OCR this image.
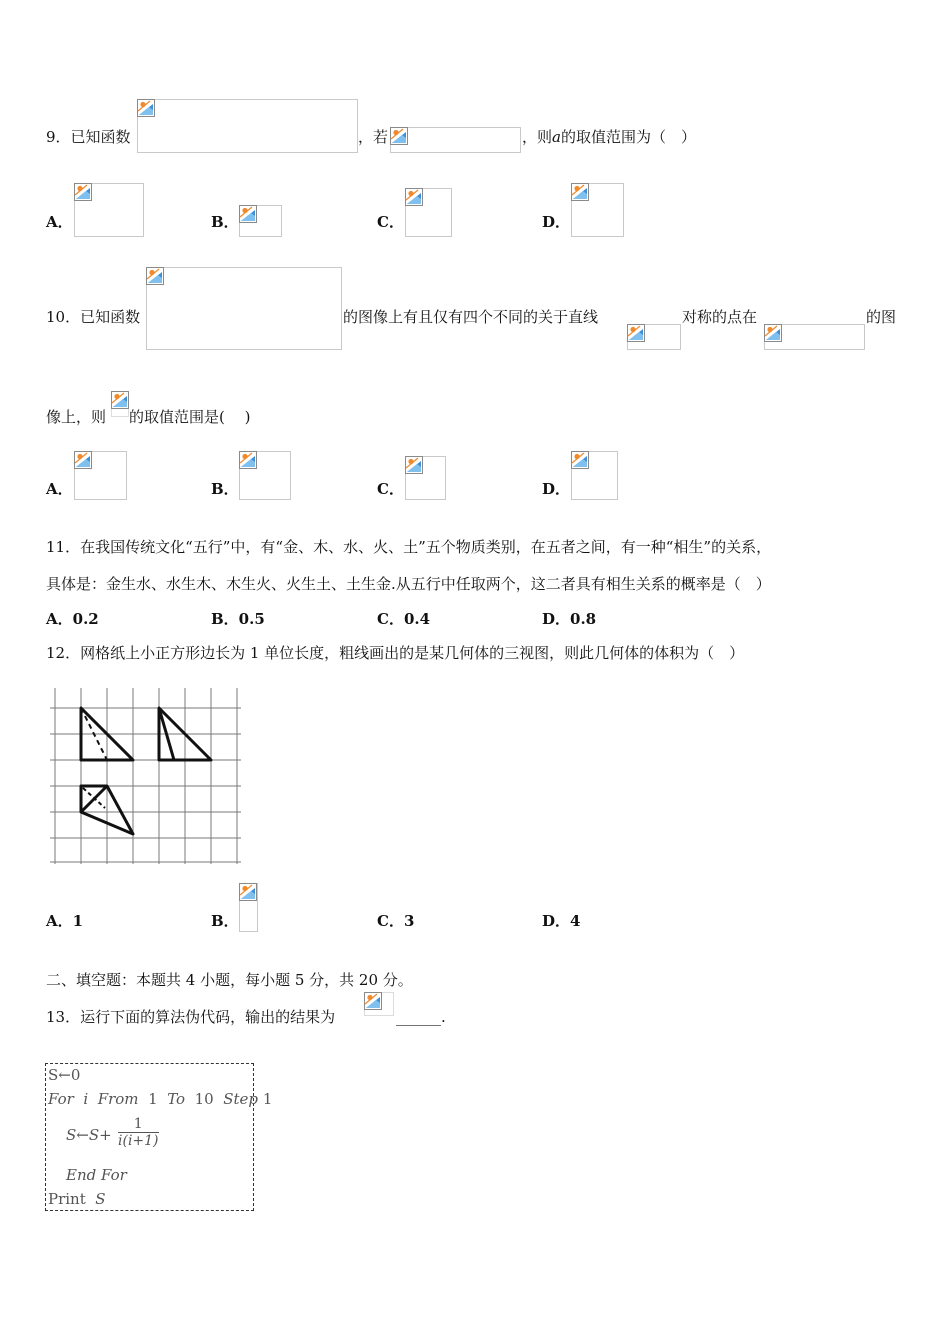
9．已知函数	，若	，则a的取值范围为（　）
A．	B．	C．	D．
10．已知函数	的图像上有且仅有四个不同的关于直线	对称的点在	的图
像上，则 的取值范围是(　 )
A．	B．	C．	D．
11．在我国传统文化“五行”中，有“金、木、水、火、土”五个物质类别，在五者之间，有一种“相生”的关系，
具体是：金生水、水生木、木生火、火生土、土生金.从五行中任取两个，这二者具有相生关系的概率是（　）
A．0.2	B．0.5	C．0.4	D．0.8
12．网格纸上小正方形边长为 1 单位长度，粗线画出的是某几何体的三视图，则此几何体的体积为（　）
A．1	B．	C．3	D．4
二、填空题：本题共 4 小题，每小题 5 分，共 20 分。
13．运行下面的算法伪代码，输出的结果为	______.
S←0
For i From 1 To 10 Step 1
S←S+ $\frac{1}{i(i+1)}$
End For
Print S
